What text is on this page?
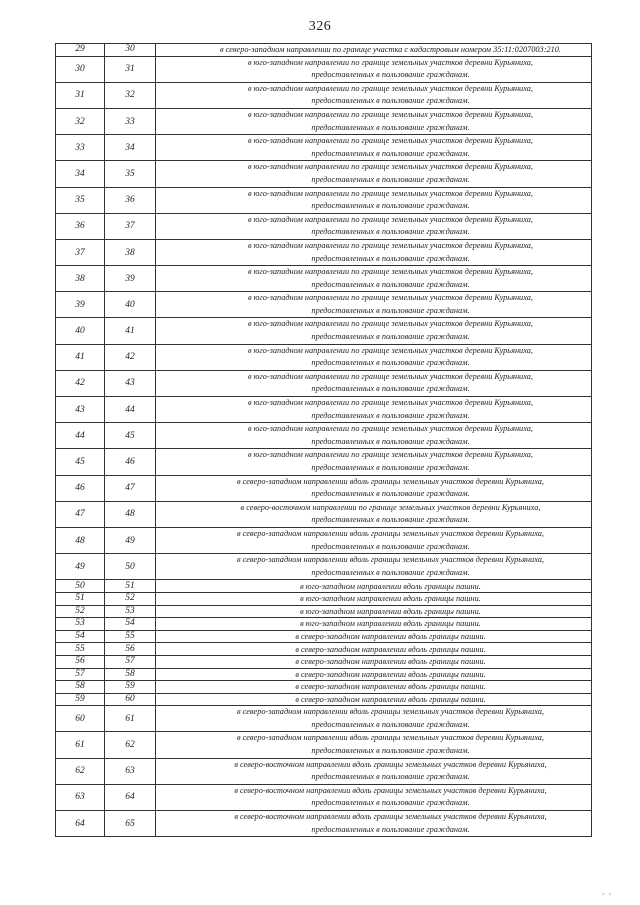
326
29	30	в северо-западном направлении по границе участка с кадастровым номером 35:11:0207003:210.

30	31	в юго-западном направлении по границе земельных участков деревни Курьяниха,
предоставленных в пользование гражданам.

31	32	в юго-западном направлении по границе земельных участков деревни Курьяниха,
предоставленных в пользование гражданам.

32	33	в юго-западном направлении по границе земельных участков деревни Курьяниха,
предоставленных в пользование гражданам.

33	34	в юго-западном направлении по границе земельных участков деревни Курьяниха,
предоставленных в пользование гражданам.

34	35	в юго-западном направлении по границе земельных участков деревни Курьяниха,
предоставленных в пользование гражданам.

35	36	в юго-западном направлении по границе земельных участков деревни Курьяниха,
предоставленных в пользование гражданам.

36	37	в юго-западном направлении по границе земельных участков деревни Курьяниха,
предоставленных в пользование гражданам.

37	38	в юго-западном направлении по границе земельных участков деревни Курьяниха,
предоставленных в пользование гражданам.

38	39	в юго-западном направлении по границе земельных участков деревни Курьяниха,
предоставленных в пользование гражданам.

39	40	в юго-западном направлении по границе земельных участков деревни Курьяниха,
предоставленных в пользование гражданам.

40	41	в юго-западном направлении по границе земельных участков деревни Курьяниха,
предоставленных в пользование гражданам.

41	42	в юго-западном направлении по границе земельных участков деревни Курьяниха,
предоставленных в пользование гражданам.

42	43	в юго-западном направлении по границе земельных участков деревни Курьяниха,
предоставленных в пользование гражданам.

43	44	в юго-западном направлении по границе земельных участков деревни Курьяниха,
предоставленных в пользование гражданам.

44	45	в юго-западном направлении по границе земельных участков деревни Курьяниха,
предоставленных в пользование гражданам.

45	46	в юго-западном направлении по границе земельных участков деревни Курьяниха,
предоставленных в пользование гражданам.

46	47	в северо-западном направлении вдоль границы земельных участков деревни Курьяниха,
предоставленных в пользование гражданам.

47	48	в северо-восточном направлении по границе земельных участков деревни Курьяниха,
предоставленных в пользование гражданам.

48	49	в северо-западном направлении вдоль границы земельных участков деревни Курьяниха,
предоставленных в пользование гражданам.

49	50	в северо-западном направлении вдоль границы земельных участков деревни Курьяниха,
предоставленных в пользование гражданам.

50	51	в юго-западном направлении вдоль границы пашни.

51	52	в юго-западном направлении вдоль границы пашни.

52	53	в юго-западном направлении вдоль границы пашни.

53	54	в юго-западном направлении вдоль границы пашни.

54	55	в северо-западном направлении вдоль границы пашни.

55	56	в северо-западном направлении вдоль границы пашни.

56	57	в северо-западном направлении вдоль границы пашни.

57	58	в северо-западном направлении вдоль границы пашни.

58	59	в северо-западном направлении вдоль границы пашни.

59	60	в северо-западном направлении вдоль границы пашни.

60	61	в северо-западном направлении вдоль границы земельных участков деревни Курьяниха,
предоставленных в пользование гражданам.

61	62	в северо-западном направлении вдоль границы земельных участков деревни Курьяниха,
предоставленных в пользование гражданам.

62	63	в северо-восточном направлении вдоль границы земельных участков деревни Курьяниха,
предоставленных в пользование гражданам.

63	64	в северо-восточном направлении вдоль границы земельных участков деревни Курьяниха,
предоставленных в пользование гражданам.

64	65	в северо-восточном направлении вдоль границы земельных участков деревни Курьяниха,
предоставленных в пользование гражданам.
▪ ▪
